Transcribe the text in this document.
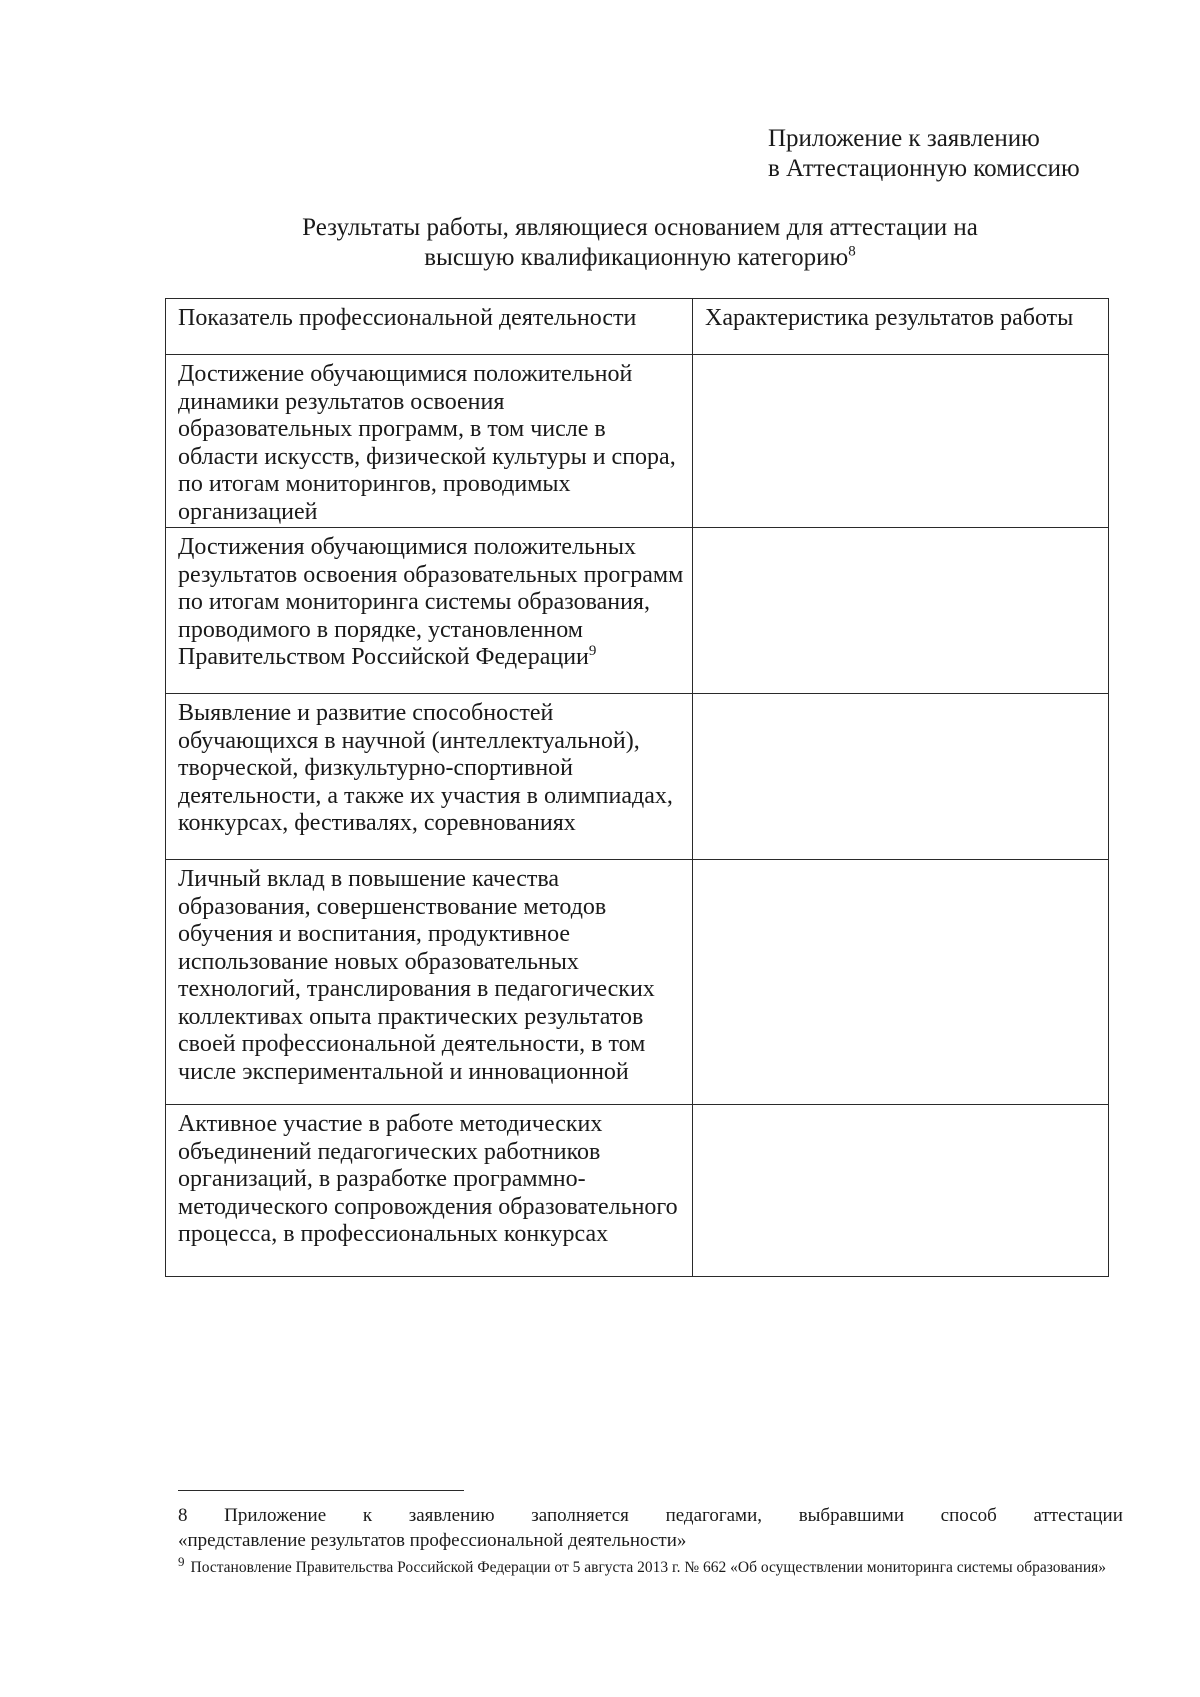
Приложение к заявлению
в Аттестационную комиссию
Результаты работы, являющиеся основанием для аттестации на
высшую квалификационную категорию$^8$
Показатель профессиональной деятельности	Характеристика результатов работы
Достижение обучающимися положительной динамики результатов освоения образовательных программ, в том числе в области искусств, физической культуры и спора, по итогам мониторингов, проводимых организацией	
Достижения обучающимися положительных результатов освоения образовательных программ по итогам мониторинга системы образования, проводимого в порядке, установленном Правительством Российской Федерации$^9$	
Выявление и развитие способностей обучающихся в научной (интеллектуальной), творческой, физкультурно-спортивной деятельности, а также их участия в олимпиадах, конкурсах, фестивалях, соревнованиях	
Личный вклад в повышение качества образования, совершенствование методов обучения и воспитания, продуктивное использование новых образовательных технологий, транслирования в педагогических коллективах опыта практических результатов своей профессиональной деятельности, в том числе экспериментальной и инновационной	
Активное участие в работе методических объединений педагогических работников организаций, в разработке программно-методического сопровождения образовательного процесса, в профессиональных конкурсах	
8 Приложение к заявлению заполняется педагогами, выбравшими способ аттестации
«представление результатов профессиональной деятельности»
$^9$ Постановление Правительства Российской Федерации от 5 августа 2013 г. № 662 «Об осуществлении мониторинга системы образования»
